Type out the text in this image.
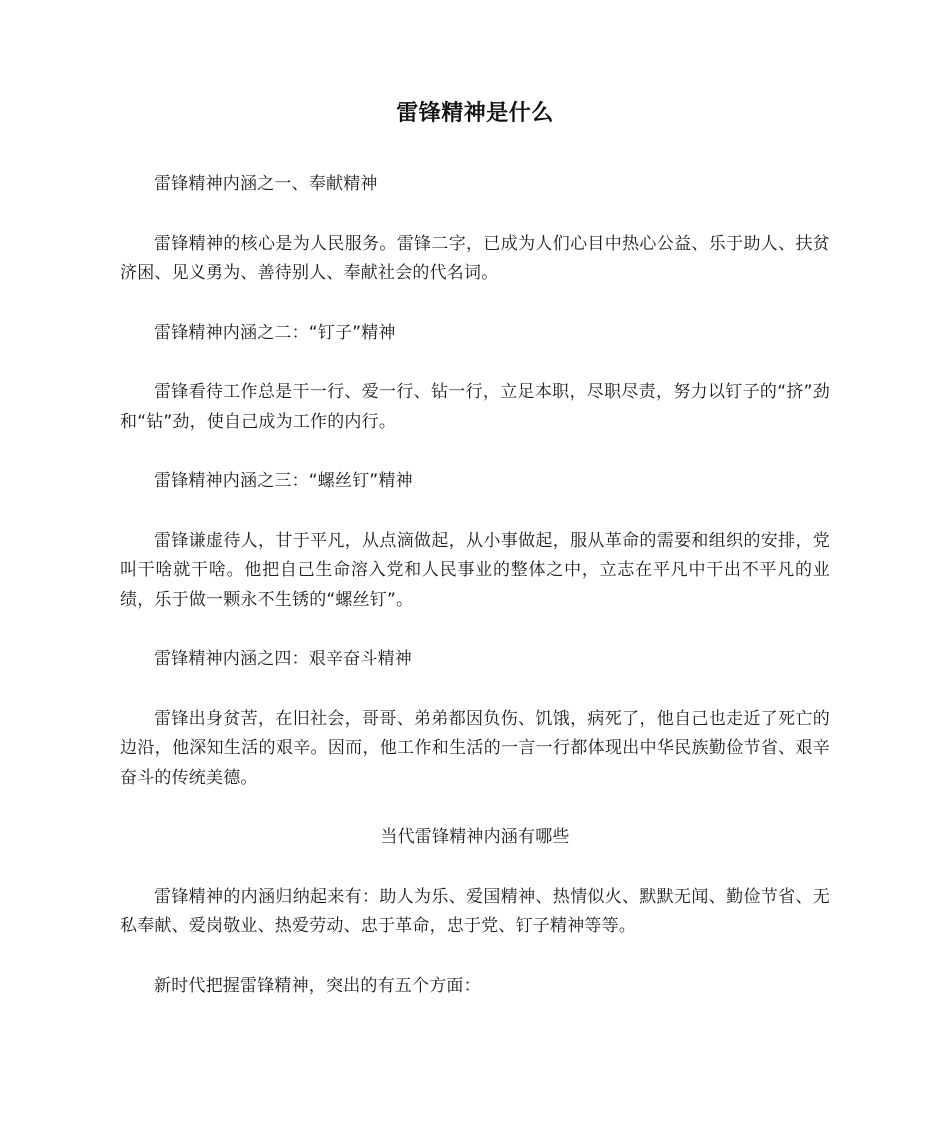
雷锋精神是什么

雷锋精神内涵之一、奉献精神

雷锋精神的核心是为人民服务。雷锋二字，已成为人们心目中热心公益、乐于助人、扶贫济困、见义勇为、善待别人、奉献社会的代名词。

雷锋精神内涵之二：“钉子”精神

雷锋看待工作总是干一行、爱一行、钻一行，立足本职，尽职尽责，努力以钉子的“挤”劲和“钻”劲，使自己成为工作的内行。

雷锋精神内涵之三：“螺丝钉”精神

雷锋谦虚待人，甘于平凡，从点滴做起，从小事做起，服从革命的需要和组织的安排，党叫干啥就干啥。他把自己生命溶入党和人民事业的整体之中，立志在平凡中干出不平凡的业绩，乐于做一颗永不生锈的“螺丝钉”。

雷锋精神内涵之四：艰辛奋斗精神

雷锋出身贫苦，在旧社会，哥哥、弟弟都因负伤、饥饿，病死了，他自己也走近了死亡的边沿，他深知生活的艰辛。因而，他工作和生活的一言一行都体现出中华民族勤俭节省、艰辛奋斗的传统美德。

当代雷锋精神内涵有哪些

雷锋精神的内涵归纳起来有：助人为乐、爱国精神、热情似火、默默无闻、勤俭节省、无私奉献、爱岗敬业、热爱劳动、忠于革命，忠于党、钉子精神等等。

新时代把握雷锋精神，突出的有五个方面：
